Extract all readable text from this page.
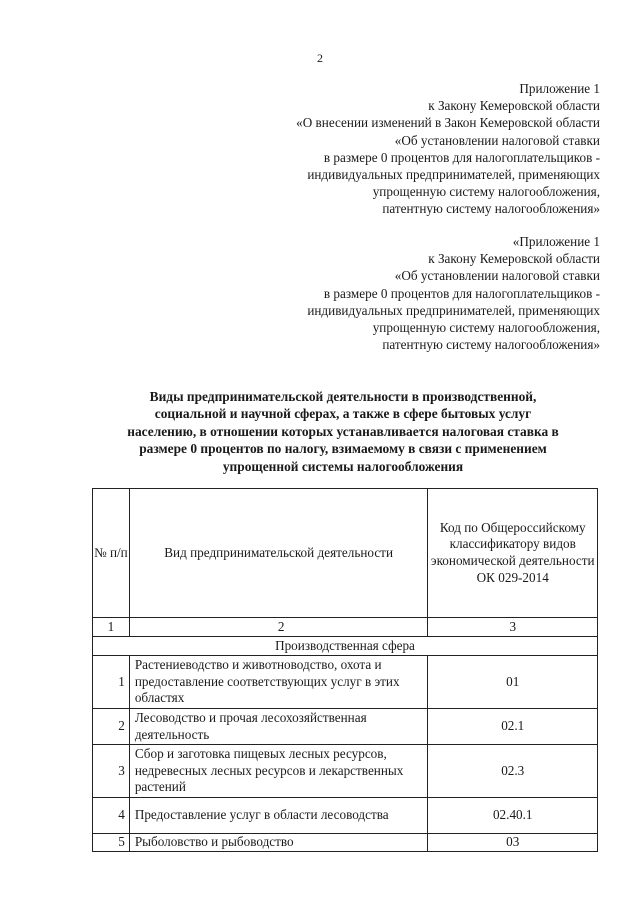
2
Приложение 1
к Закону Кемеровской области
«О внесении изменений в Закон Кемеровской области
«Об установлении налоговой ставки
в размере 0 процентов для налогоплательщиков -
индивидуальных предпринимателей, применяющих
упрощенную систему налогообложения,
патентную систему налогообложения»
«Приложение 1
к Закону Кемеровской области
«Об установлении налоговой ставки
в размере 0 процентов для налогоплательщиков -
индивидуальных предпринимателей, применяющих
упрощенную систему налогообложения,
патентную систему налогообложения»
Виды предпринимательской деятельности в производственной,
социальной и научной сферах, а также в сфере бытовых услуг
населению, в отношении которых устанавливается налоговая ставка в
размере 0 процентов по налогу, взимаемому в связи с применением
упрощенной системы налогообложения
№ п/п	Вид предпринимательской деятельности	Код по Общероссийскому классификатору видов экономической деятельности ОК 029-2014
1	2	3
Производственная сфера		
1	Растениеводство и животноводство, охота и предоставление соответствующих услуг в этих областях	01
2	Лесоводство и прочая лесохозяйственная деятельность	02.1
3	Сбор и заготовка пищевых лесных ресурсов, недревесных лесных ресурсов и лекарственных растений	02.3
4	Предоставление услуг в области лесоводства	02.40.1
5	Рыболовство и рыбоводство	03
